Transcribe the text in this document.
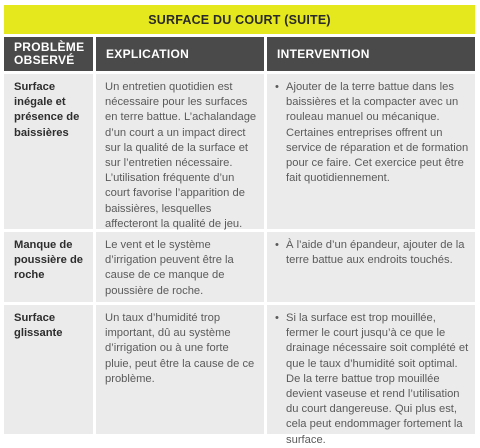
SURFACE DU COURT (SUITE)
PROBLÈME
OBSERVÉ	EXPLICATION	INTERVENTION
Surface inégale et présence de baissières
Un entretien quotidien est nécessaire pour les surfaces en terre battue. L’achalandage d’un court a un impact direct sur la qualité de la surface et sur l’entretien nécessaire. L’utilisation fréquente d’un court favorise l’apparition de baissières, lesquelles affecteront la qualité de jeu.
• Ajouter de la terre battue dans les baissières et la compacter avec un rouleau manuel ou mécanique. Certaines entreprises offrent un service de réparation et de formation pour ce faire. Cet exercice peut être fait quotidiennement.
Manque de poussière de roche
Le vent et le système d’irrigation peuvent être la cause de ce manque de poussière de roche.
• À l’aide d’un épandeur, ajouter de la terre battue aux endroits touchés.
Surface glissante
Un taux d’humidité trop important, dû au système d’irrigation ou à une forte pluie, peut être la cause de ce problème.
• Si la surface est trop mouillée, fermer le court jusqu’à ce que le drainage nécessaire soit complété et que le taux d’humidité soit optimal. De la terre battue trop mouillée devient vaseuse et rend l’utilisation du court dangereuse. Qui plus est, cela peut endommager fortement la surface.
